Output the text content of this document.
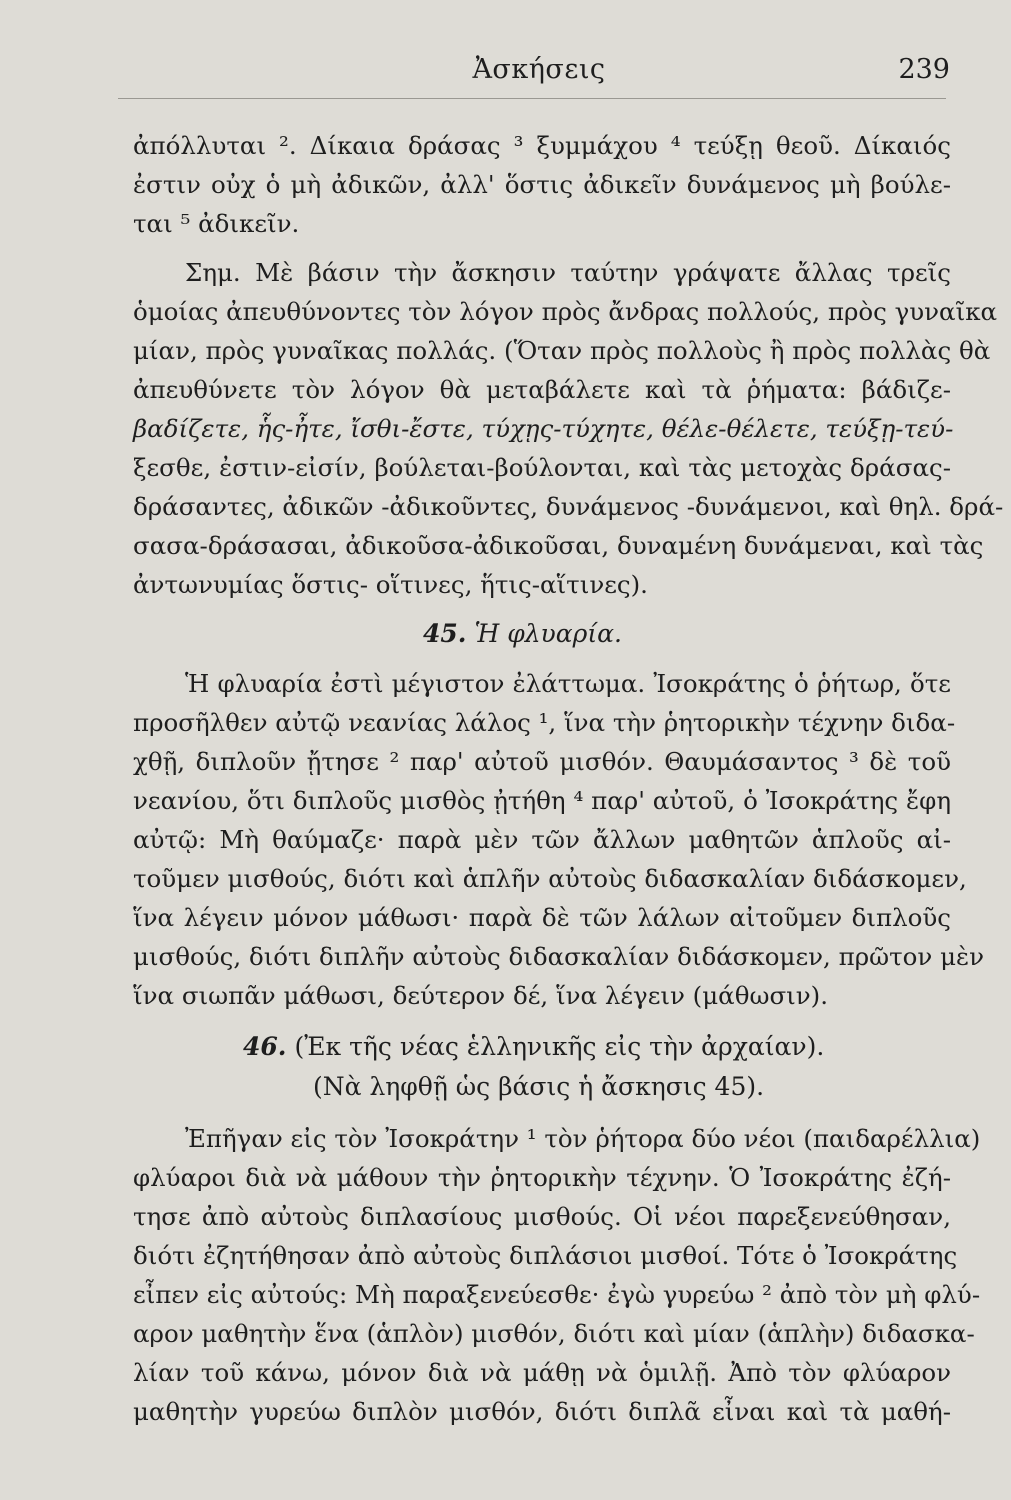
Ἀσκήσεις	239
ἀπόλλυται ². Δίκαια δράσας ³ ξυμμάχου ⁴ τεύξῃ θεοῦ. Δίκαιός
ἐστιν οὐχ ὁ μὴ ἀδικῶν, ἀλλ' ὅστις ἀδικεῖν δυνάμενος μὴ βούλε-
ται ⁵ ἀδικεῖν.
Σημ. Μὲ βάσιν τὴν ἄσκησιν ταύτην γράψατε ἄλλας τρεῖς
ὁμοίας ἀπευθύνοντες τὸν λόγον πρὸς ἄνδρας πολλούς, πρὸς γυναῖκα
μίαν, πρὸς γυναῖκας πολλάς. (Ὅταν πρὸς πολλοὺς ἢ πρὸς πολλὰς θὰ
ἀπευθύνετε τὸν λόγον θὰ μεταβάλετε καὶ τὰ ῥήματα: βάδιζε-
βαδίζετε, ἧς-ἦτε, ἴσθι-ἔστε, τύχῃς-τύχητε, θέλε-θέλετε, τεύξῃ-τεύ-
ξεσθε, ἐστιν-εἰσίν, βούλεται-βούλονται, καὶ τὰς μετοχὰς δράσας-
δράσαντες, ἀδικῶν -ἀδικοῦντες, δυνάμενος -δυνάμενοι, καὶ θηλ. δρά-
σασα-δράσασαι, ἀδικοῦσα-ἀδικοῦσαι, δυναμένη δυνάμεναι, καὶ τὰς
ἀντωνυμίας ὅστις- οἵτινες, ἥτις-αἵτινες).
45. Ἡ φλυαρία.
Ἡ φλυαρία ἐστὶ μέγιστον ἐλάττωμα. Ἰσοκράτης ὁ ῥήτωρ, ὅτε
προσῆλθεν αὐτῷ νεανίας λάλος ¹, ἵνα τὴν ῥητορικὴν τέχνην διδα-
χθῇ, διπλοῦν ᾔτησε ² παρ' αὐτοῦ μισθόν. Θαυμάσαντος ³ δὲ τοῦ
νεανίου, ὅτι διπλοῦς μισθὸς ᾐτήθη ⁴ παρ' αὐτοῦ, ὁ Ἰσοκράτης ἔφη
αὐτῷ: Μὴ θαύμαζε· παρὰ μὲν τῶν ἄλλων μαθητῶν ἁπλοῦς αἰ-
τοῦμεν μισθούς, διότι καὶ ἁπλῆν αὐτοὺς διδασκαλίαν διδάσκομεν,
ἵνα λέγειν μόνον μάθωσι· παρὰ δὲ τῶν λάλων αἰτοῦμεν διπλοῦς
μισθούς, διότι διπλῆν αὐτοὺς διδασκαλίαν διδάσκομεν, πρῶτον μὲν
ἵνα σιωπᾶν μάθωσι, δεύτερον δέ, ἵνα λέγειν (μάθωσιν).
46. (Ἐκ τῆς νέας ἑλληνικῆς εἰς τὴν ἀρχαίαν).
(Νὰ ληφθῇ ὡς βάσις ἡ ἄσκησις 45).
Ἐπῆγαν εἰς τὸν Ἰσοκράτην ¹ τὸν ῥήτορα δύο νέοι (παιδαρέλλια)
φλύαροι διὰ νὰ μάθουν τὴν ῥητορικὴν τέχνην. Ὁ Ἰσοκράτης ἐζή-
τησε ἀπὸ αὐτοὺς διπλασίους μισθούς. Οἱ νέοι παρεξενεύθησαν,
διότι ἐζητήθησαν ἀπὸ αὐτοὺς διπλάσιοι μισθοί. Τότε ὁ Ἰσοκράτης
εἶπεν εἰς αὐτούς: Μὴ παραξενεύεσθε· ἐγὼ γυρεύω ² ἀπὸ τὸν μὴ φλύ-
αρον μαθητὴν ἕνα (ἁπλὸν) μισθόν, διότι καὶ μίαν (ἁπλὴν) διδασκα-
λίαν τοῦ κάνω, μόνον διὰ νὰ μάθῃ νὰ ὁμιλῇ. Ἀπὸ τὸν φλύαρον
μαθητὴν γυρεύω διπλὸν μισθόν, διότι διπλᾶ εἶναι καὶ τὰ μαθή-
